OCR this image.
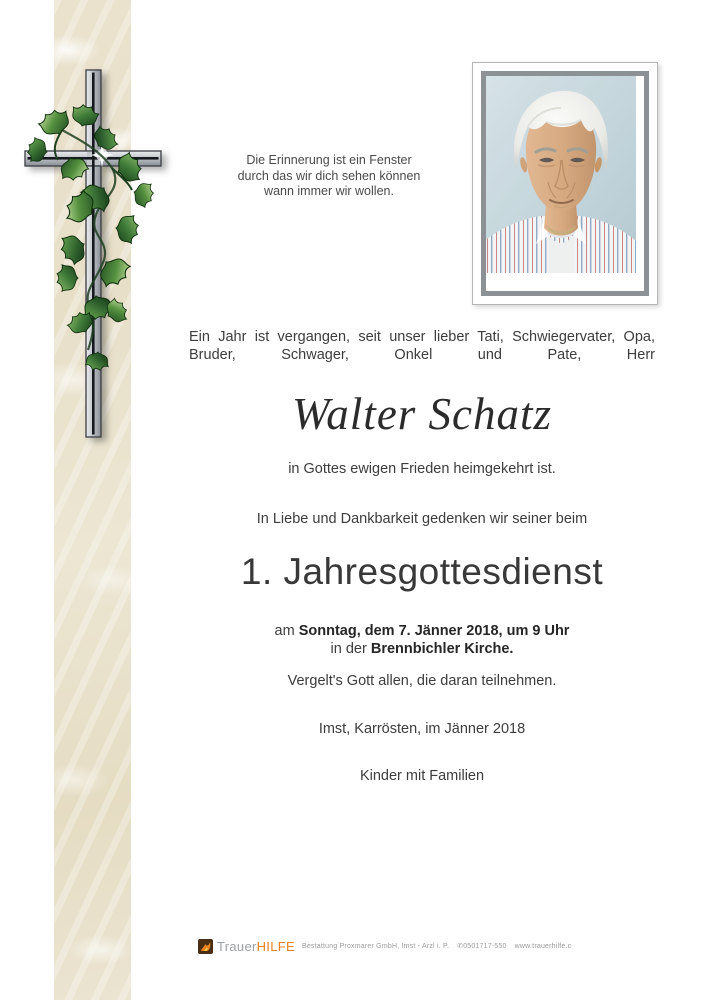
Die Erinnerung ist ein Fenster
durch das wir dich sehen können
wann immer wir wollen.
Ein Jahr ist vergangen, seit unser lieber Tati, Schwiegervater, Opa, Bruder, Schwager, Onkel und Pate, Herr
Walter Schatz
in Gottes ewigen Frieden heimgekehrt ist.
In Liebe und Dankbarkeit gedenken wir seiner beim
1. Jahresgottesdienst
am Sonntag, dem 7. Jänner 2018, um 9 Uhr
in der Brennbichler Kirche.
Vergelt's Gott allen, die daran teilnehmen.
Imst, Karrösten, im Jänner 2018
Kinder mit Familien
TrauerHILFE Bestattung Proxmarer GmbH, Imst - Arzl i. P. ✆0501717-550 www.trauerhilfe.c
